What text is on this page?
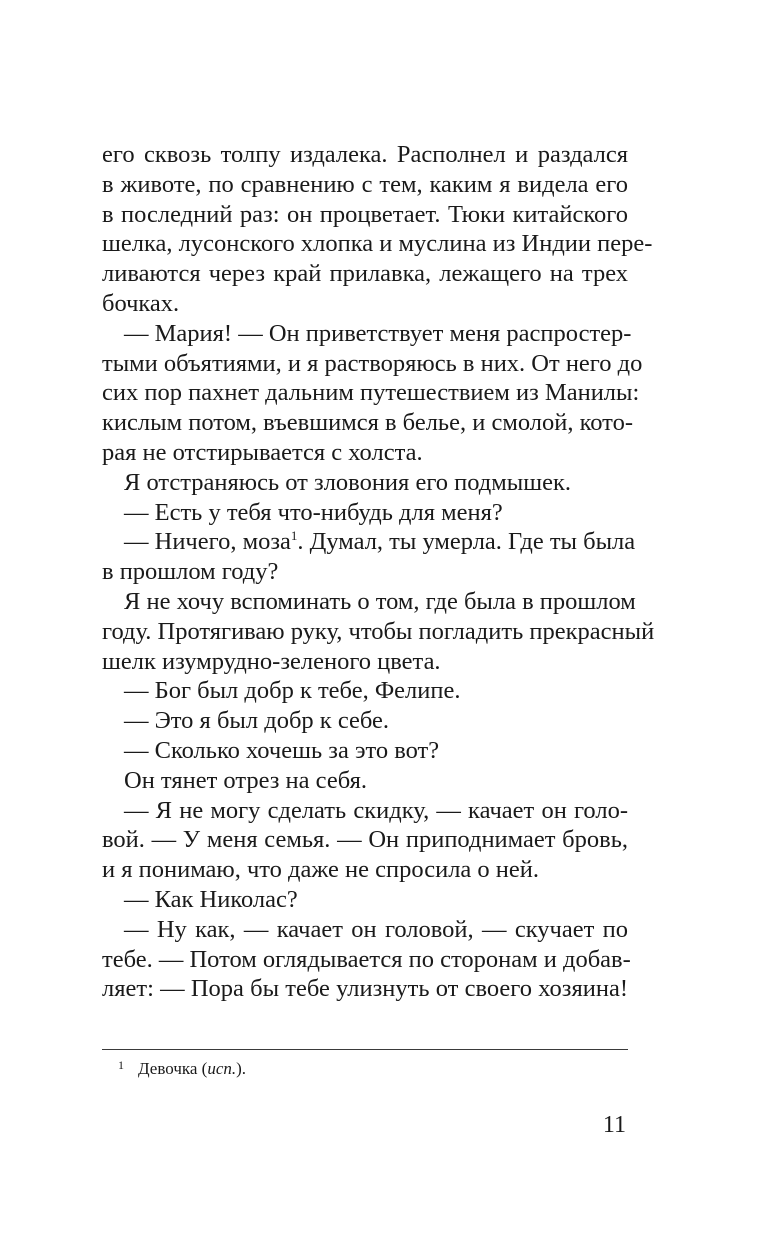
его сквозь толпу издалека. Располнел и раздался
в животе, по сравнению с тем, каким я видела его
в последний раз: он процветает. Тюки китайского
шелка, лусонского хлопка и муслина из Индии пере-
ливаются через край прилавка, лежащего на трех
бочках.
— Мария! — Он приветствует меня распростер-
тыми объятиями, и я растворяюсь в них. От него до
сих пор пахнет дальним путешествием из Манилы:
кислым потом, въевшимся в белье, и смолой, кото-
рая не отстирывается с холста.
Я отстраняюсь от зловония его подмышек.
— Есть у тебя что-нибудь для меня?
— Ничего, моза$^1$. Думал, ты умерла. Где ты была
в прошлом году?
Я не хочу вспоминать о том, где была в прошлом
году. Протягиваю руку, чтобы погладить прекрасный
шелк изумрудно-зеленого цвета.
— Бог был добр к тебе, Фелипе.
— Это я был добр к себе.
— Сколько хочешь за это вот?
Он тянет отрез на себя.
— Я не могу сделать скидку, — качает он голо-
вой. — У меня семья. — Он приподнимает бровь,
и я понимаю, что даже не спросила о ней.
— Как Николас?
— Ну как, — качает он головой, — скучает по
тебе. — Потом оглядывается по сторонам и добав-
ляет: — Пора бы тебе улизнуть от своего хозяина!
1 Девочка (исп.).
11
